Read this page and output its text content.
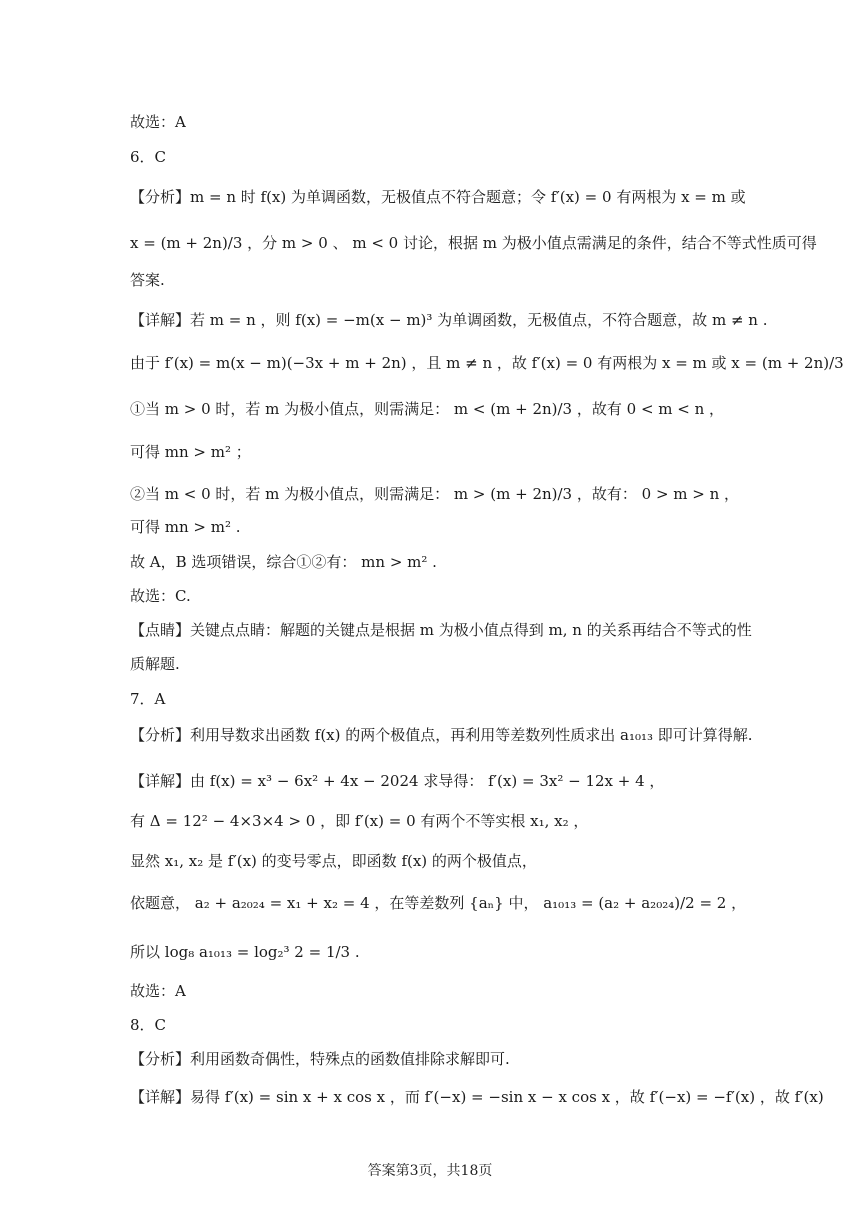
故选：A
6．C
【分析】m = n 时 f(x) 为单调函数，无极值点不符合题意；令 f′(x) = 0 有两根为 x = m 或
x = (m + 2n)/3 ，分 m > 0 、 m < 0 讨论，根据 m 为极小值点需满足的条件，结合不等式性质可得
答案.
【详解】若 m = n ，则 f(x) = −m(x − m)³ 为单调函数，无极值点，不符合题意，故 m ≠ n .
由于 f′(x) = m(x − m)(−3x + m + 2n) ，且 m ≠ n ，故 f′(x) = 0 有两根为 x = m 或 x = (m + 2n)/3
①当 m > 0 时，若 m 为极小值点，则需满足： m < (m + 2n)/3 ，故有 0 < m < n ，
可得 mn > m² ；
②当 m < 0 时，若 m 为极小值点，则需满足： m > (m + 2n)/3 ，故有： 0 > m > n ，
可得 mn > m² .
故 A，B 选项错误，综合①②有： mn > m² .
故选：C.
【点睛】关键点点睛：解题的关键点是根据 m 为极小值点得到 m, n 的关系再结合不等式的性
质解题.
7．A
【分析】利用导数求出函数 f(x) 的两个极值点，再利用等差数列性质求出 a₁₀₁₃ 即可计算得解.
【详解】由 f(x) = x³ − 6x² + 4x − 2024 求导得： f′(x) = 3x² − 12x + 4 ，
有 Δ = 12² − 4×3×4 > 0 ，即 f′(x) = 0 有两个不等实根 x₁, x₂ ，
显然 x₁, x₂ 是 f′(x) 的变号零点，即函数 f(x) 的两个极值点，
依题意， a₂ + a₂₀₂₄ = x₁ + x₂ = 4 ，在等差数列 {aₙ} 中， a₁₀₁₃ = (a₂ + a₂₀₂₄)/2 = 2 ，
所以 log₈ a₁₀₁₃ = log₂³ 2 = 1/3 .
故选：A
8．C
【分析】利用函数奇偶性，特殊点的函数值排除求解即可.
【详解】易得 f′(x) = sin x + x cos x ，而 f′(−x) = −sin x − x cos x ，故 f′(−x) = −f′(x) ，故 f′(x)
答案第3页，共18页
